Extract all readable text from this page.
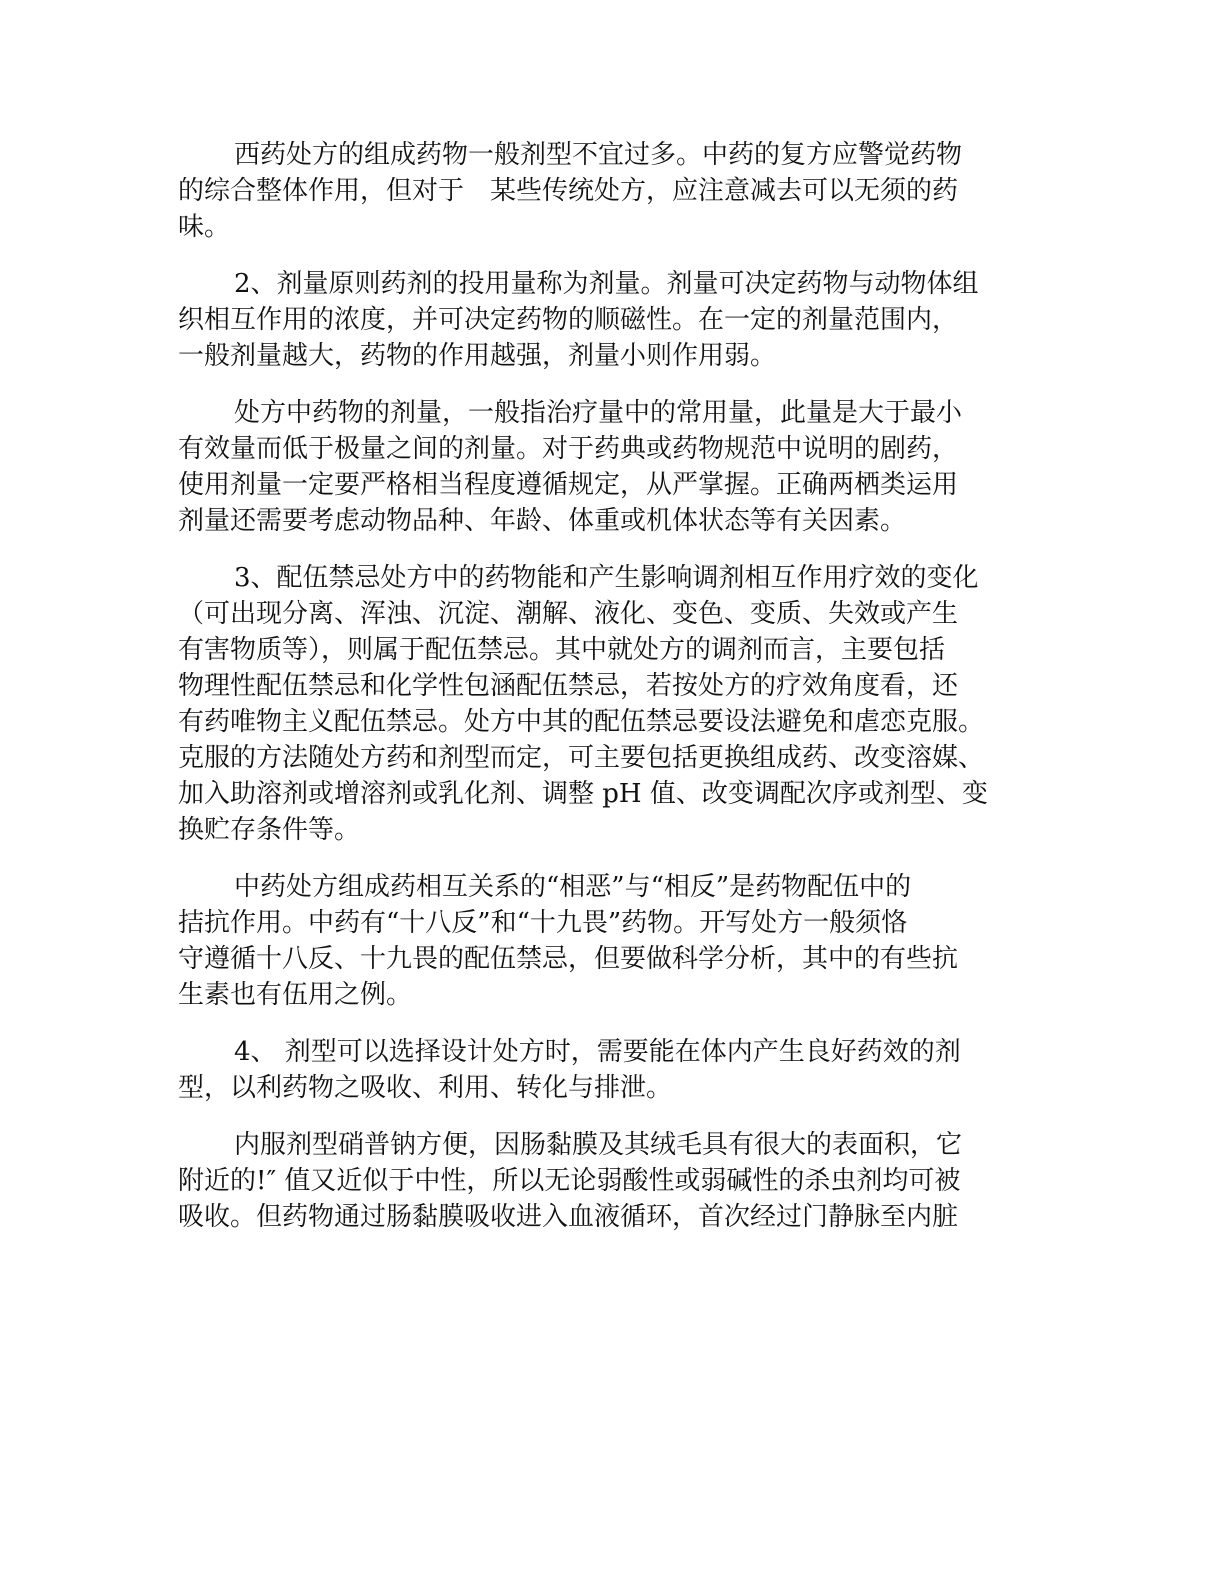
西药处方的组成药物一般剂型不宜过多。中药的复方应警觉药物
的综合整体作用，但对于　某些传统处方，应注意减去可以无须的药
味。

2、剂量原则药剂的投用量称为剂量。剂量可决定药物与动物体组
织相互作用的浓度，并可决定药物的顺磁性。在一定的剂量范围内，
一般剂量越大，药物的作用越强，剂量小则作用弱。

处方中药物的剂量，一般指治疗量中的常用量，此量是大于最小
有效量而低于极量之间的剂量。对于药典或药物规范中说明的剧药，
使用剂量一定要严格相当程度遵循规定，从严掌握。正确两栖类运用
剂量还需要考虑动物品种、年龄、体重或机体状态等有关因素。

3、配伍禁忌处方中的药物能和产生影响调剂相互作用疗效的变化
（可出现分离、浑浊、沉淀、潮解、液化、变色、变质、失效或产生
有害物质等），则属于配伍禁忌。其中就处方的调剂而言，主要包括
物理性配伍禁忌和化学性包涵配伍禁忌，若按处方的疗效角度看，还
有药唯物主义配伍禁忌。处方中其的配伍禁忌要设法避免和虐恋克服。
克服的方法随处方药和剂型而定，可主要包括更换组成药、改变溶媒、
加入助溶剂或增溶剂或乳化剂、调整 pH 值、改变调配次序或剂型、变
换贮存条件等。

中药处方组成药相互关系的“相恶”与“相反”是药物配伍中的
拮抗作用。中药有“十八反”和“十九畏”药物。开写处方一般须恪
守遵循十八反、十九畏的配伍禁忌，但要做科学分析，其中的有些抗
生素也有伍用之例。

4、 剂型可以选择设计处方时，需要能在体内产生良好药效的剂
型，以利药物之吸收、利用、转化与排泄。

内服剂型硝普钠方便，因肠黏膜及其绒毛具有很大的表面积，它
附近的!″ 值又近似于中性，所以无论弱酸性或弱碱性的杀虫剂均可被
吸收。但药物通过肠黏膜吸收进入血液循环，首次经过门静脉至内脏
